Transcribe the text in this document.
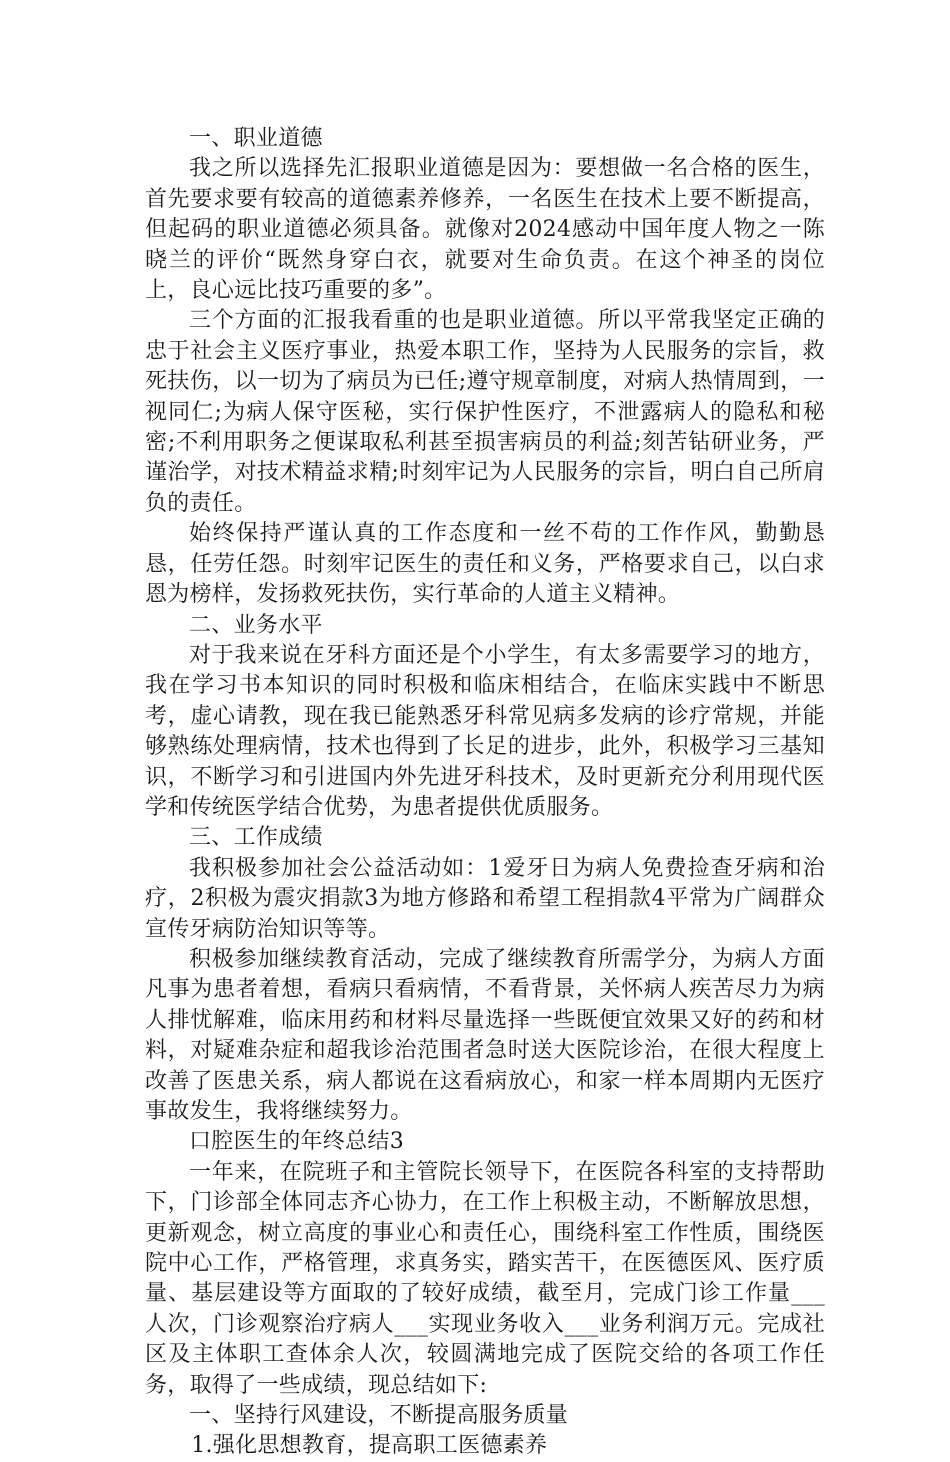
一、职业道德

我之所以选择先汇报职业道德是因为：要想做一名合格的医生，首先要求要有较高的道德素养修养，一名医生在技术上要不断提高，但起码的职业道德必须具备。就像对2024感动中国年度人物之一陈晓兰的评价“既然身穿白衣，就要对生命负责。在这个神圣的岗位上，良心远比技巧重要的多”。

三个方面的汇报我看重的也是职业道德。所以平常我坚定正确的忠于社会主义医疗事业，热爱本职工作，坚持为人民服务的宗旨，救死扶伤，以一切为了病员为已任;遵守规章制度，对病人热情周到，一视同仁;为病人保守医秘，实行保护性医疗，不泄露病人的隐私和秘密;不利用职务之便谋取私利甚至损害病员的利益;刻苦钻研业务，严谨治学，对技术精益求精;时刻牢记为人民服务的宗旨，明白自己所肩负的责任。

始终保持严谨认真的工作态度和一丝不苟的工作作风，勤勤恳恳，任劳任怨。时刻牢记医生的责任和义务，严格要求自己，以白求恩为榜样，发扬救死扶伤，实行革命的人道主义精神。

二、业务水平

对于我来说在牙科方面还是个小学生，有太多需要学习的地方，我在学习书本知识的同时积极和临床相结合，在临床实践中不断思考，虚心请教，现在我已能熟悉牙科常见病多发病的诊疗常规，并能够熟练处理病情，技术也得到了长足的进步，此外，积极学习三基知识，不断学习和引进国内外先进牙科技术，及时更新充分利用现代医学和传统医学结合优势，为患者提供优质服务。

三、工作成绩

我积极参加社会公益活动如：1爱牙日为病人免费捡查牙病和治疗，2积极为震灾捐款3为地方修路和希望工程捐款4平常为广阔群众宣传牙病防治知识等等。

积极参加继续教育活动，完成了继续教育所需学分，为病人方面凡事为患者着想，看病只看病情，不看背景，关怀病人疾苦尽力为病人排忧解难，临床用药和材料尽量选择一些既便宜效果又好的药和材料，对疑难杂症和超我诊治范围者急时送大医院诊治，在很大程度上改善了医患关系，病人都说在这看病放心，和家一样本周期内无医疗事故发生，我将继续努力。

口腔医生的年终总结3

一年来，在院班子和主管院长领导下，在医院各科室的支持帮助下，门诊部全体同志齐心协力，在工作上积极主动，不断解放思想，更新观念，树立高度的事业心和责任心，围绕科室工作性质，围绕医院中心工作，严格管理，求真务实，踏实苦干，在医德医风、医疗质量、基层建设等方面取的了较好成绩，截至月，完成门诊工作量___人次，门诊观察治疗病人___实现业务收入___业务利润万元。完成社区及主体职工查体余人次，较圆满地完成了医院交给的各项工作任务，取得了一些成绩，现总结如下:

一、坚持行风建设，不断提高服务质量

1.强化思想教育，提高职工医德素养
